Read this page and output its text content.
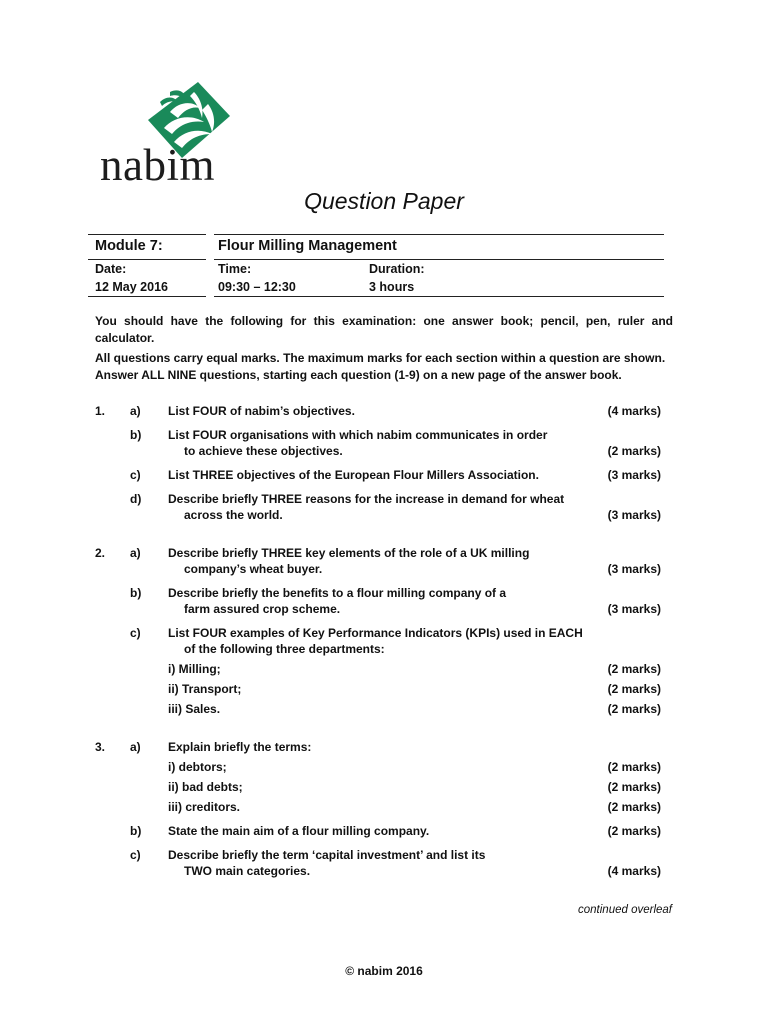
nabim
Question Paper
Module 7:	Flour Milling Management
Date:	Time:	Duration:
12 May 2016	09:30 – 12:30	3 hours

You should have the following for this examination: one answer book; pencil, pen, ruler and calculator.

All questions carry equal marks. The maximum marks for each section within a question are shown. Answer ALL NINE questions, starting each question (1-9) on a new page of the answer book.

1. a) List FOUR of nabim’s objectives.	(4 marks)
b) List FOUR organisations with which nabim communicates in order
to achieve these objectives.	(2 marks)
c) List THREE objectives of the European Flour Millers Association.	(3 marks)
d) Describe briefly THREE reasons for the increase in demand for wheat
across the world.	(3 marks)
2. a) Describe briefly THREE key elements of the role of a UK milling
company’s wheat buyer.	(3 marks)
b) Describe briefly the benefits to a flour milling company of a
farm assured crop scheme.	(3 marks)
c) List FOUR examples of Key Performance Indicators (KPIs) used in EACH
of the following three departments:
i) Milling;	(2 marks)
ii) Transport;	(2 marks)
iii) Sales.	(2 marks)
3. a) Explain briefly the terms:
i) debtors;	(2 marks)
ii) bad debts;	(2 marks)
iii) creditors.	(2 marks)
b) State the main aim of a flour milling company.	(2 marks)
c) Describe briefly the term ‘capital investment’ and list its
TWO main categories.	(4 marks)
continued overleaf
© nabim 2016
